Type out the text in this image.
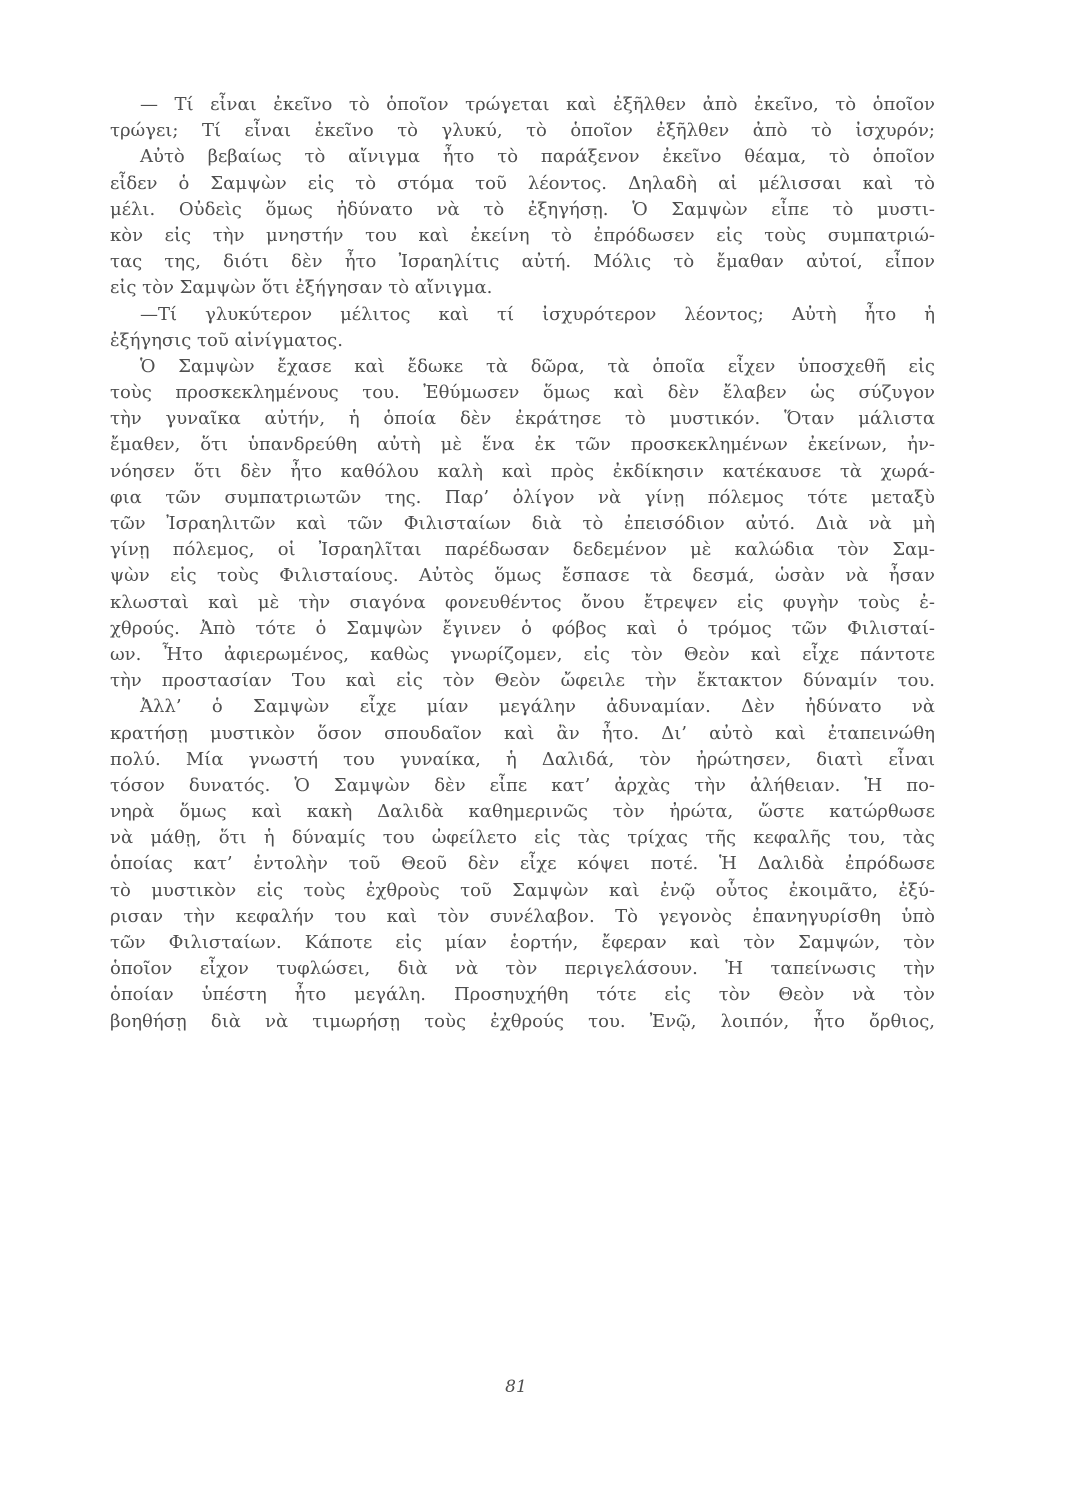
— Τί εἶναι ἐκεῖνο τὸ ὁποῖον τρώγεται καὶ ἐξῆλθεν ἀπὸ ἐκεῖνο, τὸ ὁποῖον
τρώγει; Τί εἶναι ἐκεῖνο τὸ γλυκύ, τὸ ὁποῖον ἐξῆλθεν ἀπὸ τὸ ἰσχυρόν;
Αὐτὸ βεβαίως τὸ αἴνιγμα ἦτο τὸ παράξενον ἐκεῖνο θέαμα, τὸ ὁποῖον
εἶδεν ὁ Σαμψὼν εἰς τὸ στόμα τοῦ λέοντος. Δηλαδὴ αἱ μέλισσαι καὶ τὸ
μέλι. Οὐδεὶς ὅμως ἠδύνατο νὰ τὸ ἐξηγήσῃ. Ὁ Σαμψὼν εἶπε τὸ μυστι-
κὸν εἰς τὴν μνηστήν του καὶ ἐκείνη τὸ ἐπρόδωσεν εἰς τοὺς συμπατριώ-
τας της, διότι δὲν ἦτο Ἰσραηλίτις αὐτή. Μόλις τὸ ἔμαθαν αὐτοί, εἶπον
εἰς τὸν Σαμψὼν ὅτι ἐξήγησαν τὸ αἴνιγμα.
—Τί γλυκύτερον μέλιτος καὶ τί ἰσχυρότερον λέοντος; Αὐτὴ ἦτο ἡ
ἐξήγησις τοῦ αἰνίγματος.
Ὁ Σαμψὼν ἔχασε καὶ ἔδωκε τὰ δῶρα, τὰ ὁποῖα εἶχεν ὑποσχεθῆ εἰς
τοὺς προσκεκλημένους του. Ἐθύμωσεν ὅμως καὶ δὲν ἔλαβεν ὡς σύζυγον
τὴν γυναῖκα αὐτήν, ἡ ὁποία δὲν ἐκράτησε τὸ μυστικόν. Ὅταν μάλιστα
ἔμαθεν, ὅτι ὑπανδρεύθη αὐτὴ μὲ ἕνα ἐκ τῶν προσκεκλημένων ἐκείνων, ἠν-
νόησεν ὅτι δὲν ἦτο καθόλου καλὴ καὶ πρὸς ἐκδίκησιν κατέκαυσε τὰ χωρά-
φια τῶν συμπατριωτῶν της. Παρ’ ὀλίγον νὰ γίνῃ πόλεμος τότε μεταξὺ
τῶν Ἰσραηλιτῶν καὶ τῶν Φιλισταίων διὰ τὸ ἐπεισόδιον αὐτό. Διὰ νὰ μὴ
γίνῃ πόλεμος, οἱ Ἰσραηλῖται παρέδωσαν δεδεμένον μὲ καλώδια τὸν Σαμ-
ψὼν εἰς τοὺς Φιλισταίους. Αὐτὸς ὅμως ἔσπασε τὰ δεσμά, ὡσὰν νὰ ἦσαν
κλωσταὶ καὶ μὲ τὴν σιαγόνα φονευθέντος ὄνου ἔτρεψεν εἰς φυγὴν τοὺς ἐ-
χθρούς. Ἀπὸ τότε ὁ Σαμψὼν ἔγινεν ὁ φόβος καὶ ὁ τρόμος τῶν Φιλισταί-
ων. Ἦτο ἀφιερωμένος, καθὼς γνωρίζομεν, εἰς τὸν Θεὸν καὶ εἶχε πάντοτε
τὴν προστασίαν Του καὶ εἰς τὸν Θεὸν ὤφειλε τὴν ἔκτακτον δύναμίν του.
Ἀλλ’ ὁ Σαμψὼν εἶχε μίαν μεγάλην ἀδυναμίαν. Δὲν ἠδύνατο νὰ
κρατήσῃ μυστικὸν ὅσον σπουδαῖον καὶ ἂν ἦτο. Δι’ αὐτὸ καὶ ἐταπεινώθη
πολύ. Μία γνωστή του γυναίκα, ἡ Δαλιδά, τὸν ἠρώτησεν, διατὶ εἶναι
τόσον δυνατός. Ὁ Σαμψὼν δὲν εἶπε κατ’ ἀρχὰς τὴν ἀλήθειαν. Ἡ πο-
νηρὰ ὅμως καὶ κακὴ Δαλιδὰ καθημερινῶς τὸν ἠρώτα, ὥστε κατώρθωσε
νὰ μάθῃ, ὅτι ἡ δύναμίς του ὠφείλετο εἰς τὰς τρίχας τῆς κεφαλῆς του, τὰς
ὁποίας κατ’ ἐντολὴν τοῦ Θεοῦ δὲν εἶχε κόψει ποτέ. Ἡ Δαλιδὰ ἐπρόδωσε
τὸ μυστικὸν εἰς τοὺς ἐχθροὺς τοῦ Σαμψὼν καὶ ἐνῷ οὗτος ἐκοιμᾶτο, ἐξύ-
ρισαν τὴν κεφαλήν του καὶ τὸν συνέλαβον. Τὸ γεγονὸς ἐπανηγυρίσθη ὑπὸ
τῶν Φιλισταίων. Κάποτε εἰς μίαν ἑορτήν, ἔφεραν καὶ τὸν Σαμψών, τὸν
ὁποῖον εἶχον τυφλώσει, διὰ νὰ τὸν περιγελάσουν. Ἡ ταπείνωσις τὴν
ὁποίαν ὑπέστη ἦτο μεγάλη. Προσηυχήθη τότε εἰς τὸν Θεὸν νὰ τὸν
βοηθήσῃ διὰ νὰ τιμωρήσῃ τοὺς ἐχθρούς του. Ἐνῷ, λοιπόν, ἦτο ὄρθιος,
81
